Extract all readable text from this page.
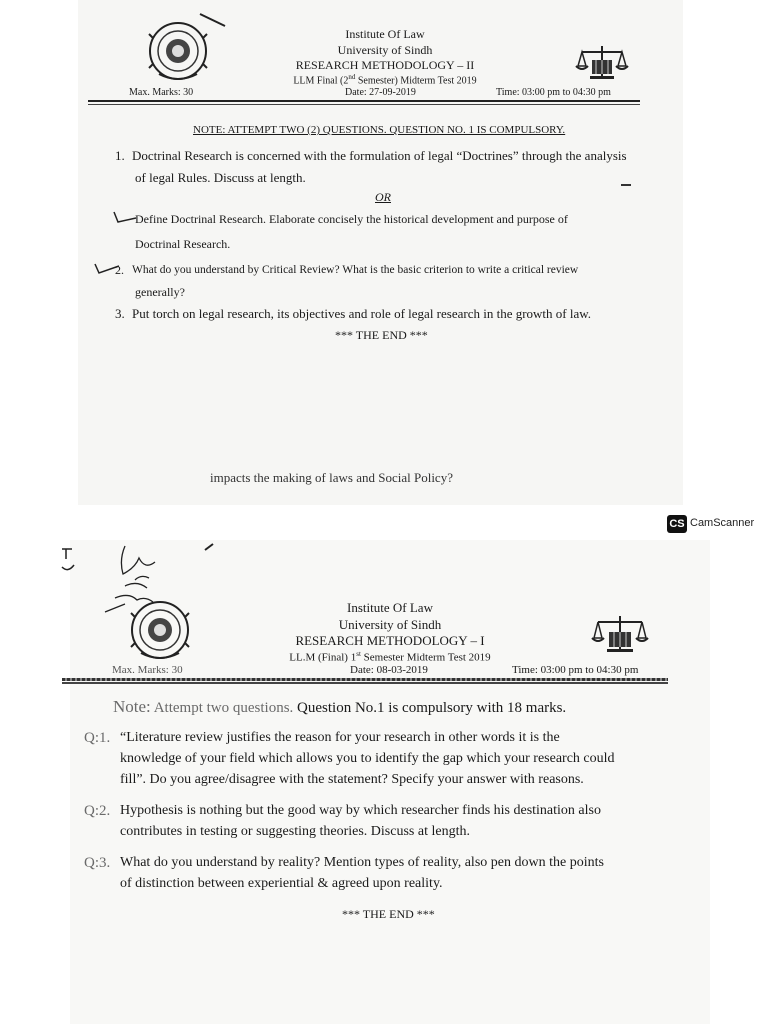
Institute Of Law
University of Sindh
RESEARCH METHODOLOGY – II
LLM Final (2nd Semester) Midterm Test 2019
Max. Marks: 30	Date: 27-09-2019	Time: 03:00 pm to 04:30 pm
NOTE: ATTEMPT TWO (2) QUESTIONS. QUESTION NO. 1 IS COMPULSORY.
1. Doctrinal Research is concerned with the formulation of legal “Doctrines” through the analysis
of legal Rules. Discuss at length.
OR
Define Doctrinal Research. Elaborate concisely the historical development and purpose of
Doctrinal Research.
2. What do you understand by Critical Review? What is the basic criterion to write a critical review
generally?
3. Put torch on legal research, its objectives and role of legal research in the growth of law.
*** THE END ***
impacts the making of laws and Social Policy?
CS CamScanner
Institute Of Law
University of Sindh
RESEARCH METHODOLOGY – I
LL.M (Final) 1st Semester Midterm Test 2019
Max. Marks: 30	Date: 08-03-2019	Time: 03:00 pm to 04:30 pm
Note: Attempt two questions. Question No.1 is compulsory with 18 marks.
Q:1. “Literature review justifies the reason for your research in other words it is the
knowledge of your field which allows you to identify the gap which your research could
fill”. Do you agree/disagree with the statement? Specify your answer with reasons.
Q:2. Hypothesis is nothing but the good way by which researcher finds his destination also
contributes in testing or suggesting theories. Discuss at length.
Q:3. What do you understand by reality? Mention types of reality, also pen down the points
of distinction between experiential & agreed upon reality.
*** THE END ***
